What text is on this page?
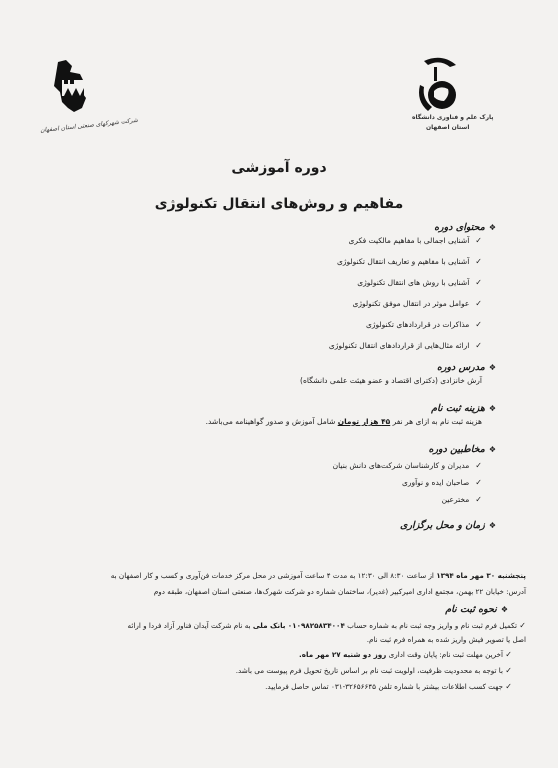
شرکت شهرکهای صنعتی استان اصفهان	پارک علم و فناوری دانشگاه
استان اصفهان
دوره آموزشی
مفاهیم و روش‌های انتقال تکنولوژی
❖
محتوای دوره
✓
آشنایی اجمالی با مفاهیم مالکیت فکری
✓
آشنایی با مفاهیم و تعاریف انتقال تکنولوژی
✓
آشنایی با روش های انتقال تکنولوژی
✓
عوامل موثر در انتقال موفق تکنولوژی
✓
مذاکرات در قراردادهای تکنولوژی
✓
ارائه مثال‌هایی از قراردادهای انتقال تکنولوژی
❖
مدرس دوره
آرش خانزادی (دکترای اقتصاد و عضو هیئت علمی دانشگاه)
❖
هزینه ثبت نام
هزینه ثبت نام به ازای هر نفر ۴۵ هزار تومان شامل آموزش و صدور گواهینامه می‌باشد.
❖
مخاطبین دوره
✓
مدیران و کارشناسان شرکت‌های دانش بنیان
✓
صاحبان ایده و نوآوری
✓
مخترعین
❖
زمان و محل برگزاری
پنجشنبه ۳۰ مهر ماه ۱۳۹۴ از ساعت ۸:۳۰ الی ۱۲:۳۰ به مدت ۴ ساعت آموزشی در محل مرکز خدمات فن‌آوری و کسب و کار اصفهان به
آدرس: خیابان ۲۲ بهمن، مجتمع اداری امیرکبیر (غدیر)، ساختمان شماره دو شرکت شهرک‌ها، صنعتی استان اصفهان، طبقه دوم
❖
نحوه ثبت نام
✓ تکمیل فرم ثبت نام و واریز وجه ثبت نام به شماره حساب ۰۱۰۹۸۲۵۸۳۴۰۰۴ بانک ملی به نام شرکت آیدان فناور آزاد فردا و ارائه
اصل یا تصویر فیش واریز شده به همراه فرم ثبت نام.
✓ آخرین مهلت ثبت نام: پایان وقت اداری روز دو شنبه ۲۷ مهر ماه.
✓ با توجه به محدودیت ظرفیت، اولویت ثبت نام بر اساس تاریخ تحویل فرم پیوست می باشد.
✓ جهت کسب اطلاعات بیشتر با شماره تلفن ۳۲۶۵۶۶۴۵-۰۳۱ تماس حاصل فرمایید.
